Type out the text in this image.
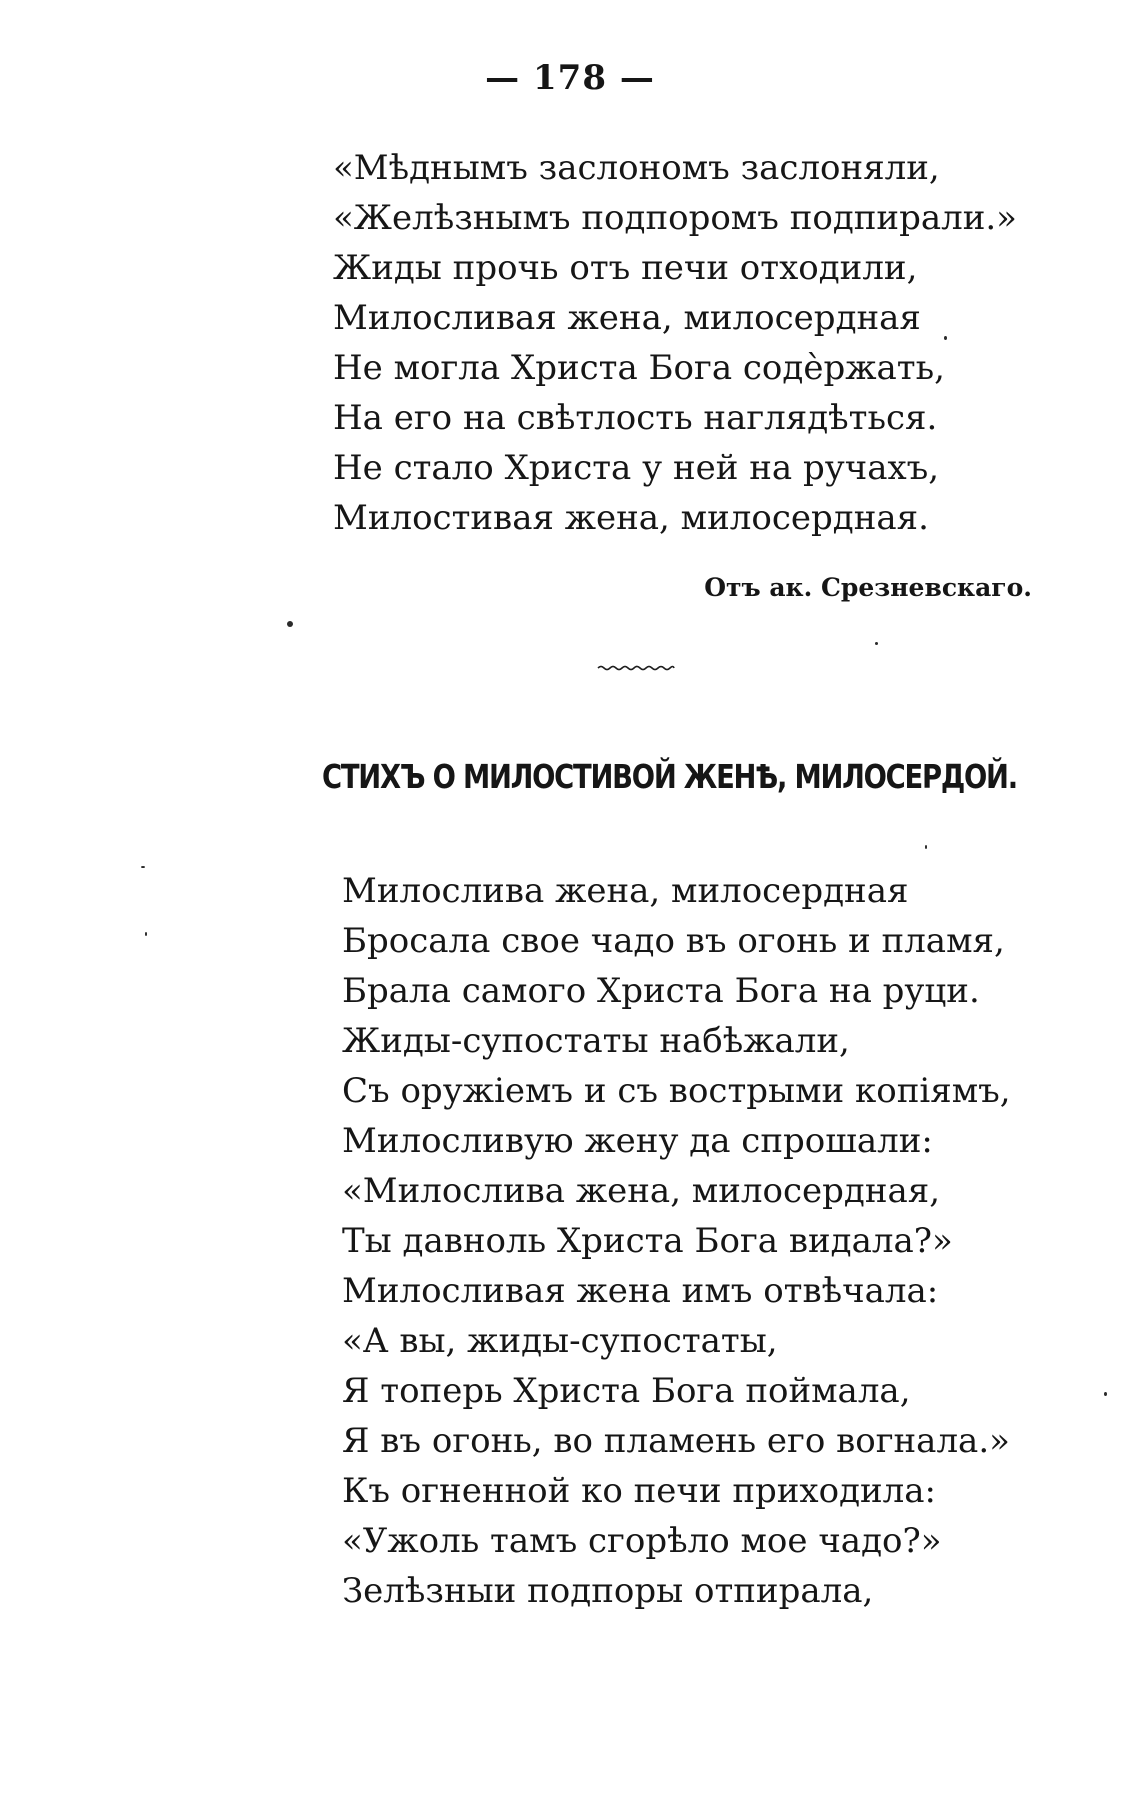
— 178 —
«Мѣднымъ заслономъ заслоняли,
«Желѣзнымъ подпоромъ подпирали.»
Жиды прочь отъ печи отходили,
Милосливая жена, милосердная
Не могла Христа Бога содѐржать,
На его на свѣтлость наглядѣться.
Не стало Христа у ней на ручахъ,
Милостивая жена, милосердная.
Отъ ак. Срезневскаго.
СТИХЪ О МИЛОСТИВОЙ ЖЕНѢ, МИЛОСЕРДОЙ.
Милослива жена, милосердная
Бросала свое чадо въ огонь и пламя,
Брала самого Христа Бога на руци.
Жиды-супостаты набѣжали,
Съ оружіемъ и съ вострыми копіямъ,
Милосливую жену да спрошали:
«Милослива жена, милосердная,
Ты давноль Христа Бога видала?»
Милосливая жена имъ отвѣчала:
«А вы, жиды-супостаты,
Я топерь Христа Бога поймала,
Я въ огонь, во пламень его вогнала.»
Къ огненной ко печи приходила:
«Ужоль тамъ сгорѣло мое чадо?»
Зелѣзныи подпоры отпирала,
